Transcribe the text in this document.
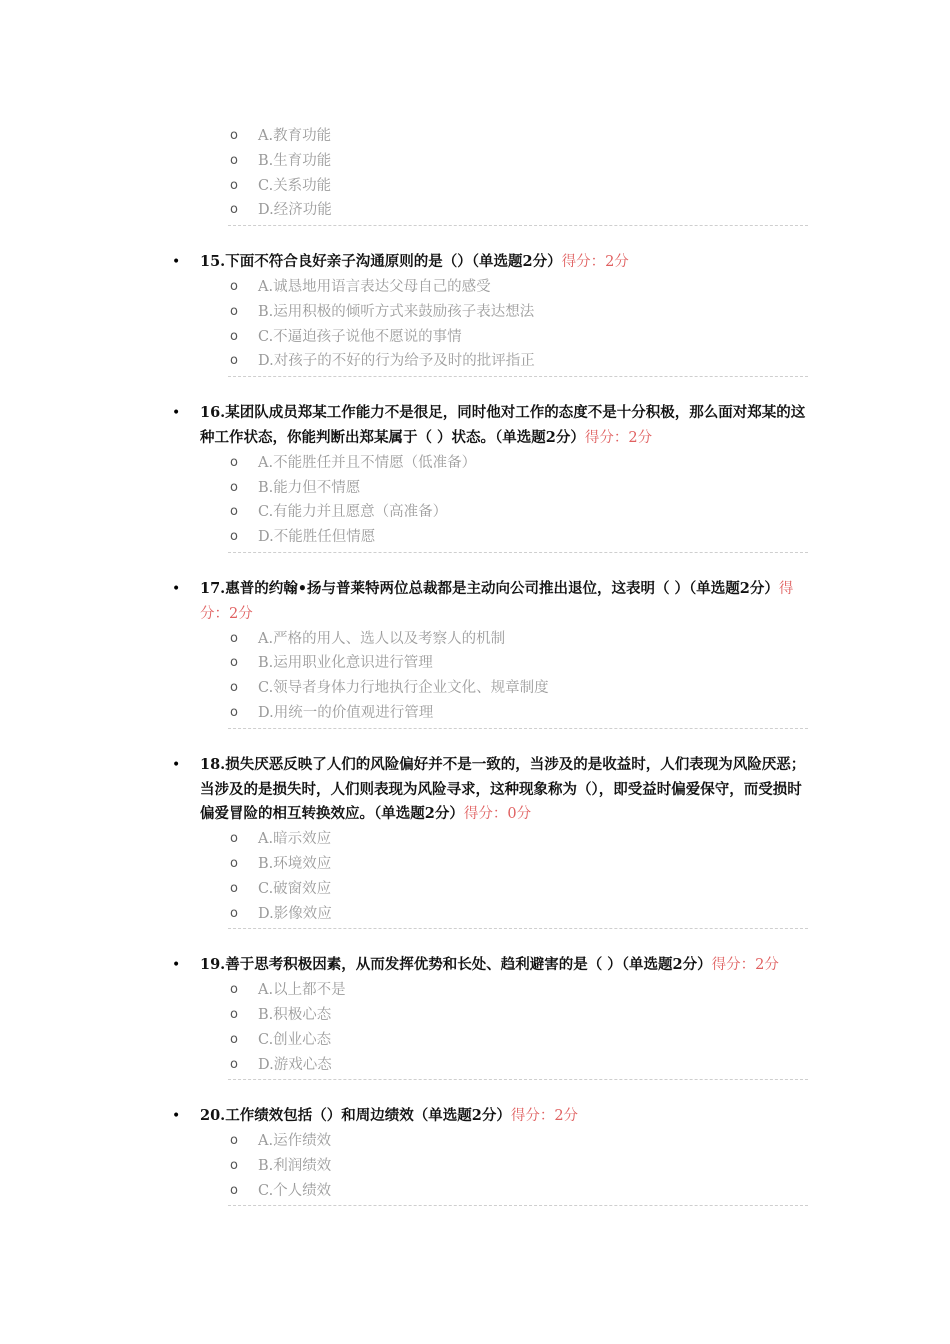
o A.教育功能
o B.生育功能
o C.关系功能
o D.经济功能
• 15.下面不符合良好亲子沟通原则的是（）（单选题2分）得分：2分

o A.诚恳地用语言表达父母自己的感受
o B.运用积极的倾听方式来鼓励孩子表达想法
o C.不逼迫孩子说他不愿说的事情
o D.对孩子的不好的行为给予及时的批评指正
• 16.某团队成员郑某工作能力不是很足，同时他对工作的态度不是十分积极，那么面对郑某的这种工作状态，你能判断出郑某属于（ ）状态。（单选题2分）得分：2分

o A.不能胜任并且不情愿（低准备）
o B.能力但不情愿
o C.有能力并且愿意（高准备）
o D.不能胜任但情愿
• 17.惠普的约翰•扬与普莱特两位总裁都是主动向公司推出退位，这表明（ ）（单选题2分）得分：2分

o A.严格的用人、选人以及考察人的机制
o B.运用职业化意识进行管理
o C.领导者身体力行地执行企业文化、规章制度
o D.用统一的价值观进行管理
• 18.损失厌恶反映了人们的风险偏好并不是一致的，当涉及的是收益时，人们表现为风险厌恶；当涉及的是损失时，人们则表现为风险寻求，这种现象称为（），即受益时偏爱保守，而受损时偏爱冒险的相互转换效应。（单选题2分）得分：0分

o A.暗示效应
o B.环境效应
o C.破窗效应
o D.影像效应
• 19.善于思考积极因素，从而发挥优势和长处、趋利避害的是（ ）（单选题2分）得分：2分

o A.以上都不是
o B.积极心态
o C.创业心态
o D.游戏心态
• 20.工作绩效包括（）和周边绩效（单选题2分）得分：2分

o A.运作绩效
o B.利润绩效
o C.个人绩效
